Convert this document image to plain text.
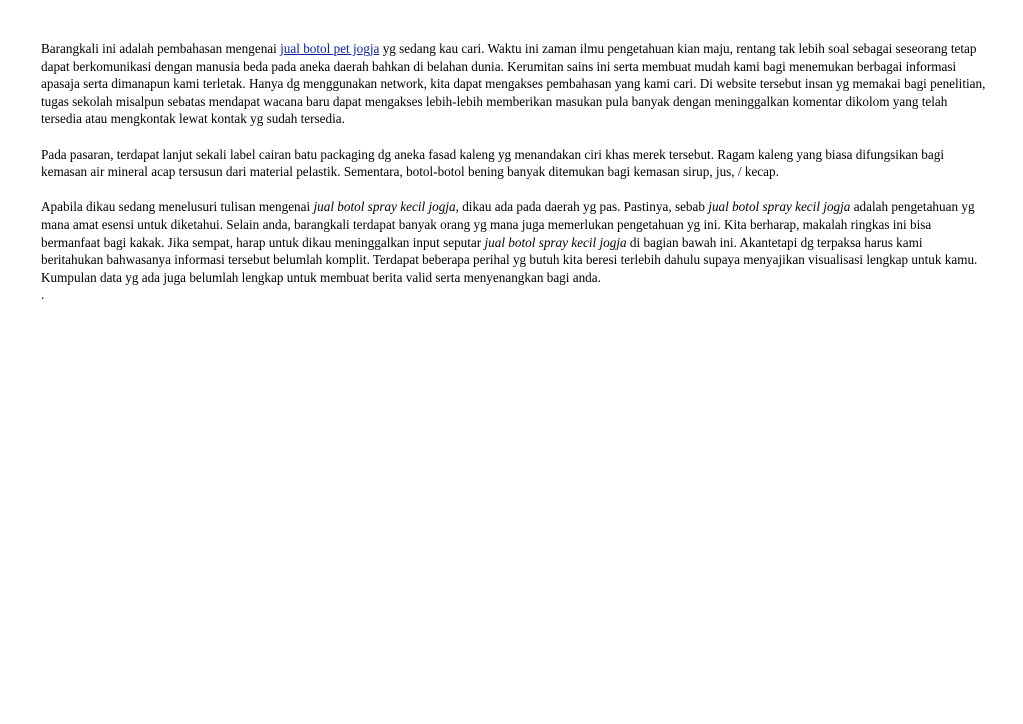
Barangkali ini adalah pembahasan mengenai jual botol pet jogja yg sedang kau cari. Waktu ini zaman ilmu pengetahuan kian maju, rentang tak lebih soal sebagai seseorang tetap dapat berkomunikasi dengan manusia beda pada aneka daerah bahkan di belahan dunia. Kerumitan sains ini serta membuat mudah kami bagi menemukan berbagai informasi apasaja serta dimanapun kami terletak. Hanya dg menggunakan network, kita dapat mengakses pembahasan yang kami cari. Di website tersebut insan yg memakai bagi penelitian, tugas sekolah misalpun sebatas mendapat wacana baru dapat mengakses lebih-lebih memberikan masukan pula banyak dengan meninggalkan komentar dikolom yang telah tersedia atau mengkontak lewat kontak yg sudah tersedia.

Pada pasaran, terdapat lanjut sekali label cairan batu packaging dg aneka fasad kaleng yg menandakan ciri khas merek tersebut. Ragam kaleng yang biasa difungsikan bagi kemasan air mineral acap tersusun dari material pelastik. Sementara, botol-botol bening banyak ditemukan bagi kemasan sirup, jus, / kecap.

Apabila dikau sedang menelusuri tulisan mengenai jual botol spray kecil jogja, dikau ada pada daerah yg pas. Pastinya, sebab jual botol spray kecil jogja adalah pengetahuan yg mana amat esensi untuk diketahui. Selain anda, barangkali terdapat banyak orang yg mana juga memerlukan pengetahuan yg ini. Kita berharap, makalah ringkas ini bisa bermanfaat bagi kakak. Jika sempat, harap untuk dikau meninggalkan input seputar jual botol spray kecil jogja di bagian bawah ini. Akantetapi dg terpaksa harus kami beritahukan bahwasanya informasi tersebut belumlah komplit. Terdapat beberapa perihal yg butuh kita beresi terlebih dahulu supaya menyajikan visualisasi lengkap untuk kamu. Kumpulan data yg ada juga belumlah lengkap untuk membuat berita valid serta menyenangkan bagi anda.
.
